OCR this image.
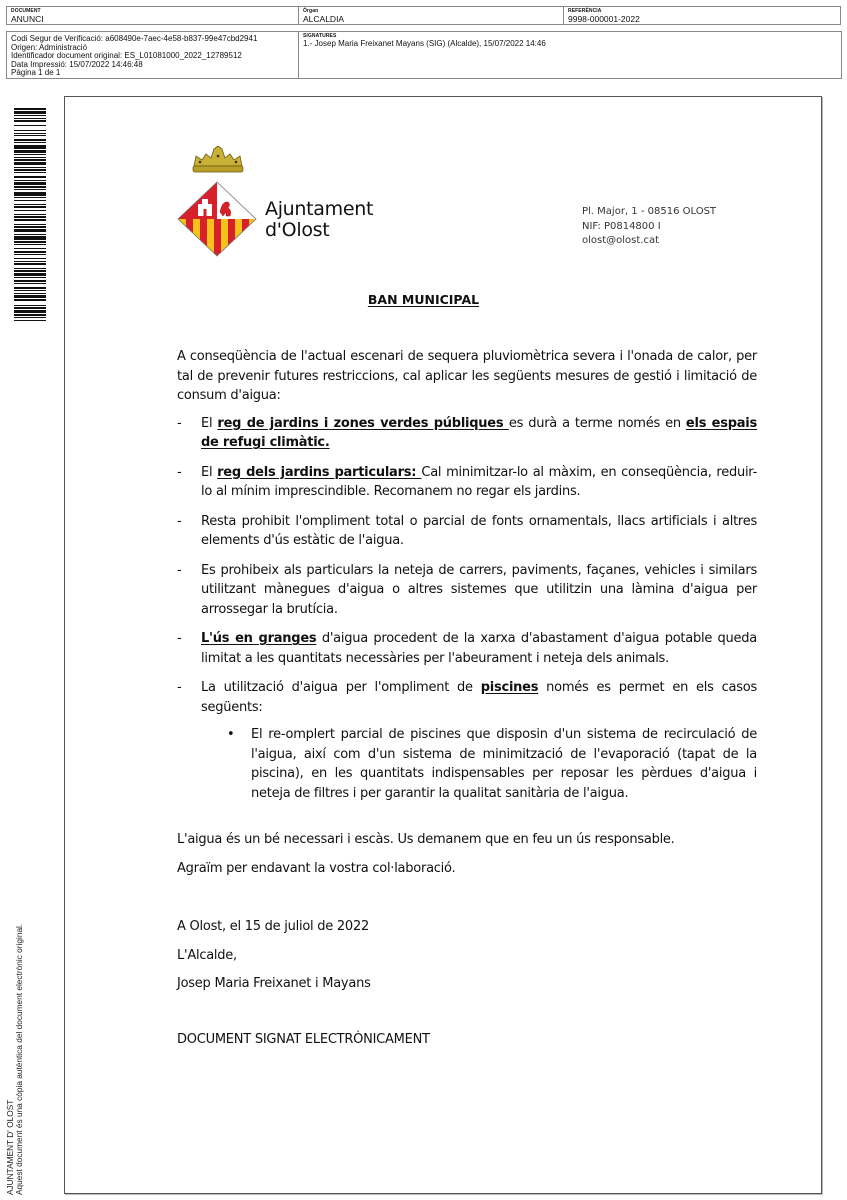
DOCUMENT
ANUNCI
Òrgan
ALCALDIA
REFERÈNCIA
9998-000001-2022
Codi Segur de Verificació: a608490e-7aec-4e58-b837-99e47cbd2941
Origen: Administració
Identificador document original: ES_L01081000_2022_12789512
Data Impressió: 15/07/2022 14:46:48
Pàgina 1 de 1
SIGNATURES
1.- Josep Maria Freixanet Mayans (SIG) (Alcalde), 15/07/2022 14:46
AJUNTAMENT D' OLOST Aquest document és una còpia autèntica del document electrònic original.
Ajuntament
d'Olost
Pl. Major, 1 - 08516 OLOST
NIF: P0814800 I
olost@olost.cat
BAN MUNICIPAL

A conseqüència de l'actual escenari de sequera pluviomètrica severa i l'onada de calor, per tal de prevenir futures restriccions, cal aplicar les següents mesures de gestió i limitació de consum d'aigua:

- El reg de jardins i zones verdes públiques es durà a terme només en els espais de refugi climàtic.
- El reg dels jardins particulars: Cal minimitzar-lo al màxim, en conseqüència, reduir-lo al mínim imprescindible. Recomanem no regar els jardins.
- Resta prohibit l'ompliment total o parcial de fonts ornamentals, llacs artificials i altres elements d'ús estàtic de l'aigua.
- Es prohibeix als particulars la neteja de carrers, paviments, façanes, vehicles i similars utilitzant mànegues d'aigua o altres sistemes que utilitzin una làmina d'aigua per arrossegar la brutícia.
- L'ús en granges d'aigua procedent de la xarxa d'abastament d'aigua potable queda limitat a les quantitats necessàries per l'abeurament i neteja dels animals.
- La utilització d'aigua per l'ompliment de piscines només es permet en els casos següents:
• El re-omplert parcial de piscines que disposin d'un sistema de recirculació de l'aigua, així com d'un sistema de minimització de l'evaporació (tapat de la piscina), en les quantitats indispensables per reposar les pèrdues d'aigua i neteja de filtres i per garantir la qualitat sanitària de l'aigua.

L'aigua és un bé necessari i escàs. Us demanem que en feu un ús responsable.

Agraïm per endavant la vostra col·laboració.

A Olost, el 15 de juliol de 2022

L'Alcalde,

Josep Maria Freixanet i Mayans

DOCUMENT SIGNAT ELECTRÒNICAMENT
